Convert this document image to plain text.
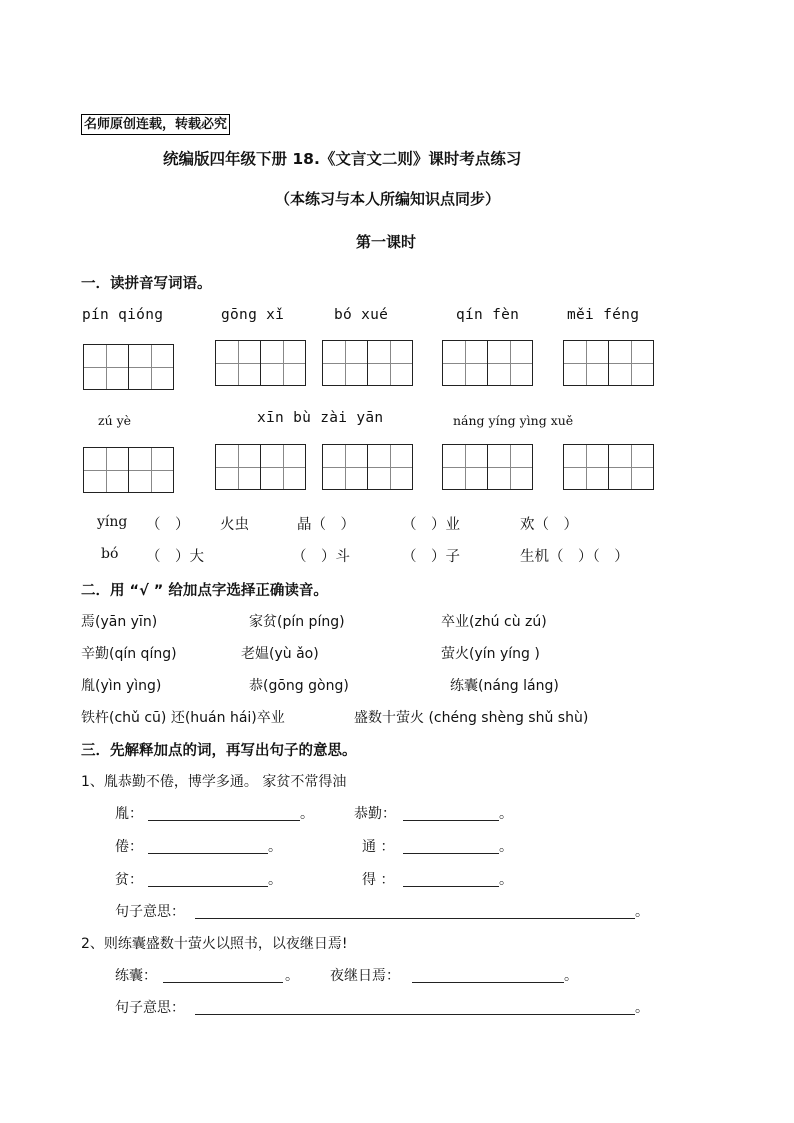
名师原创连载，转载必究
统编版四年级下册 18.《文言文二则》课时考点练习
（本练习与本人所编知识点同步）
第一课时
一．读拼音写词语。
pín qióng	gōng xǐ	bó xué	qín fèn	měi féng
zú yè	xīn bù zài yān	náng yíng yìng xuě
yíng （　） 火虫	晶（　）	（　）业	欢（　）
bó （　）大	（　）斗	（　）子	生机（　）（　）
二．用 “√ ” 给加点字选择正确读音。
焉(yān yīn)	家贫(pín píng)	卒业(zhú cù zú)
辛勤(qín qíng)	老媪(yù ǎo)	萤火(yín yíng )
胤(yìn yìng)	恭(gōng gòng)	练囊(náng láng)
铁杵(chǔ cū) 还(huán hái)卒业	盛数十萤火 (chéng shèng shǔ shù)
三．先解释加点的词，再写出句子的意思。
1、胤恭勤不倦，博学多通。 家贫不常得油
胤：	。	恭勤：	。
倦：	。	通 ：	。
贫：	。	得 ：	。
句子意思：	。
2、则练囊盛数十萤火以照书，以夜继日焉!
练囊：	。 夜继日焉：	。
句子意思：	。
